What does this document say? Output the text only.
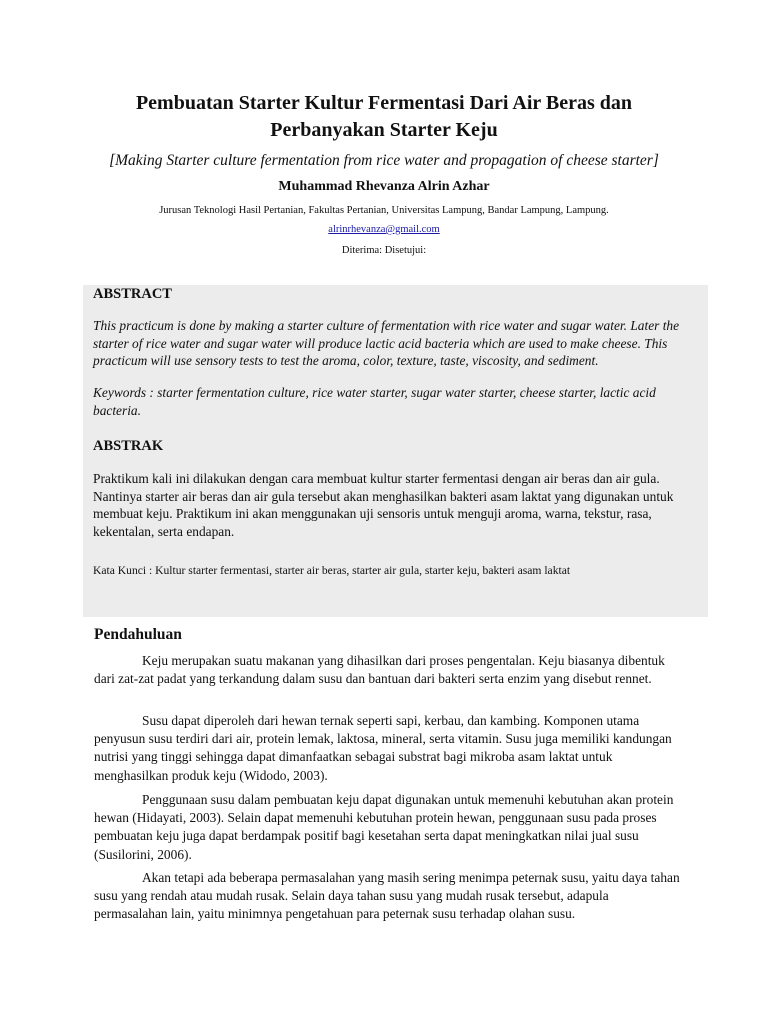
Pembuatan Starter Kultur Fermentasi Dari Air Beras dan Perbanyakan Starter Keju
[Making Starter culture fermentation from rice water and propagation of cheese starter]
Muhammad Rhevanza Alrin Azhar
Jurusan Teknologi Hasil Pertanian, Fakultas Pertanian, Universitas Lampung, Bandar Lampung, Lampung.
alrinrhevanza@gmail.com
Diterima: Disetujui:
ABSTRACT
This practicum is done by making a starter culture of fermentation with rice water and sugar water. Later the starter of rice water and sugar water will produce lactic acid bacteria which are used to make cheese. This practicum will use sensory tests to test the aroma, color, texture, taste, viscosity, and sediment.
Keywords : starter fermentation culture, rice water starter, sugar water starter, cheese starter, lactic acid bacteria.
ABSTRAK
Praktikum kali ini dilakukan dengan cara membuat kultur starter fermentasi dengan air beras dan air gula. Nantinya starter air beras dan air gula tersebut akan menghasilkan bakteri asam laktat yang digunakan untuk membuat keju. Praktikum ini akan menggunakan uji sensoris untuk menguji aroma, warna, tekstur, rasa, kekentalan, serta endapan.
Kata Kunci : Kultur starter fermentasi, starter air beras, starter air gula, starter keju, bakteri asam laktat
Pendahuluan

Keju merupakan suatu makanan yang dihasilkan dari proses pengentalan. Keju biasanya dibentuk dari zat-zat padat yang terkandung dalam susu dan bantuan dari bakteri serta enzim yang disebut rennet.

Susu dapat diperoleh dari hewan ternak seperti sapi, kerbau, dan kambing. Komponen utama penyusun susu terdiri dari air, protein lemak, laktosa, mineral, serta vitamin. Susu juga memiliki kandungan nutrisi yang tinggi sehingga dapat dimanfaatkan sebagai substrat bagi mikroba asam laktat untuk menghasilkan produk keju (Widodo, 2003).

Penggunaan susu dalam pembuatan keju dapat digunakan untuk memenuhi kebutuhan akan protein hewan (Hidayati, 2003). Selain dapat memenuhi kebutuhan protein hewan, penggunaan susu pada proses pembuatan keju juga dapat berdampak positif bagi kesetahan serta dapat meningkatkan nilai jual susu (Susilorini, 2006).

Akan tetapi ada beberapa permasalahan yang masih sering menimpa peternak susu, yaitu daya tahan susu yang rendah atau mudah rusak. Selain daya tahan susu yang mudah rusak tersebut, adapula permasalahan lain, yaitu minimnya pengetahuan para peternak susu terhadap olahan susu.
